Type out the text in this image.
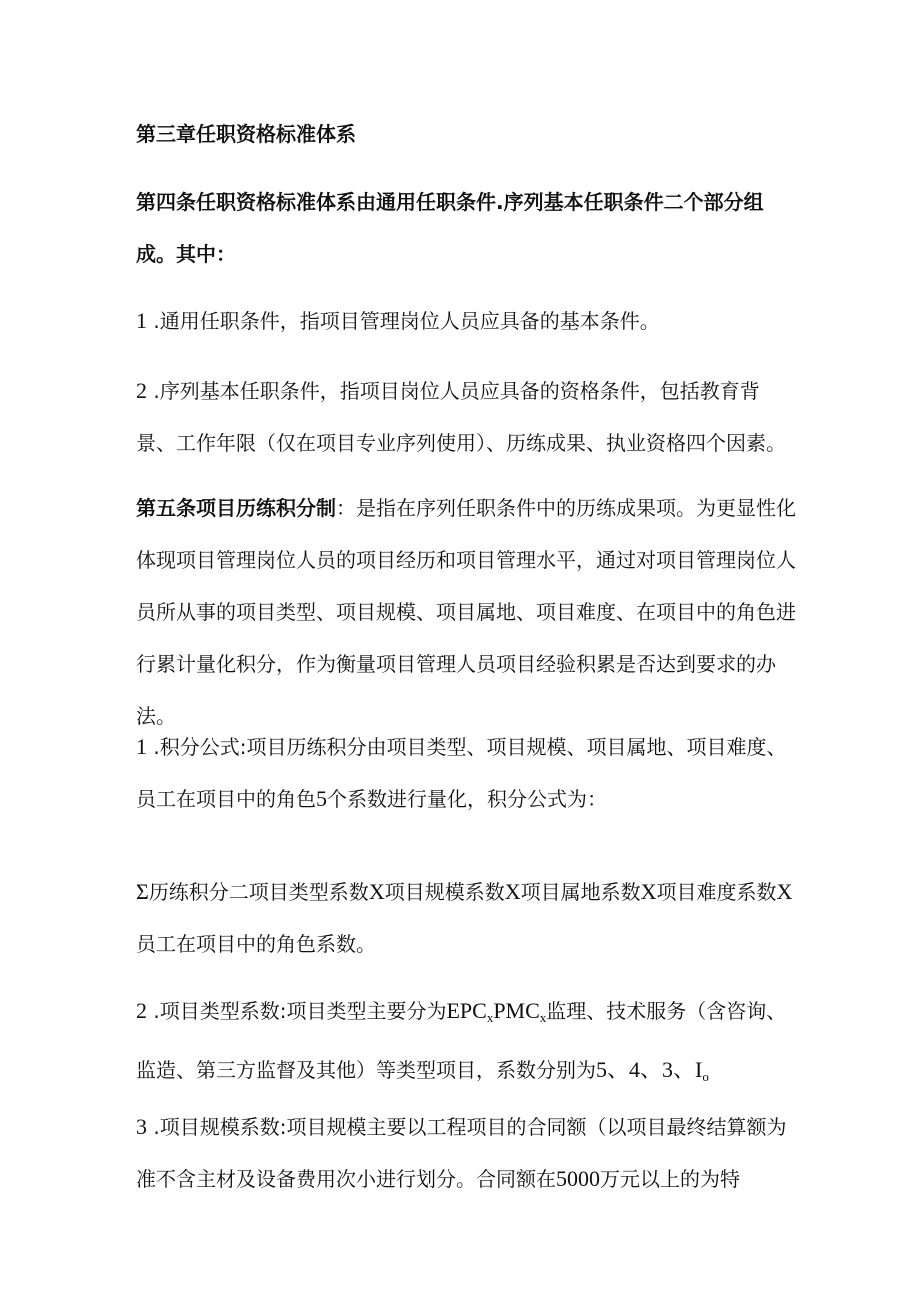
第三章任职资格标准体系

第四条任职资格标准体系由通用任职条件.序列基本任职条件二个部分组成。其中：

1 .通用任职条件，指项目管理岗位人员应具备的基本条件。

2 .序列基本任职条件，指项目岗位人员应具备的资格条件，包括教育背景、工作年限（仅在项目专业序列使用）、历练成果、执业资格四个因素。

第五条项目历练积分制：是指在序列任职条件中的历练成果项。为更显性化体现项目管理岗位人员的项目经历和项目管理水平，通过对项目管理岗位人员所从事的项目类型、项目规模、项目属地、项目难度、在项目中的角色进行累计量化积分，作为衡量项目管理人员项目经验积累是否达到要求的办法。

1 .积分公式:项目历练积分由项目类型、项目规模、项目属地、项目难度、员工在项目中的角色5个系数进行量化，积分公式为：

Σ历练积分二项目类型系数X项目规模系数X项目属地系数X项目难度系数X员工在项目中的角色系数。

2 .项目类型系数:项目类型主要分为$EPC_xPMC_x$监理、技术服务（含咨询、监造、第三方监督及其他）等类型项目，系数分别为5、4、3、$I_o$

3 .项目规模系数:项目规模主要以工程项目的合同额（以项目最终结算额为准不含主材及设备费用次小进行划分。合同额在5000万元以上的为特
